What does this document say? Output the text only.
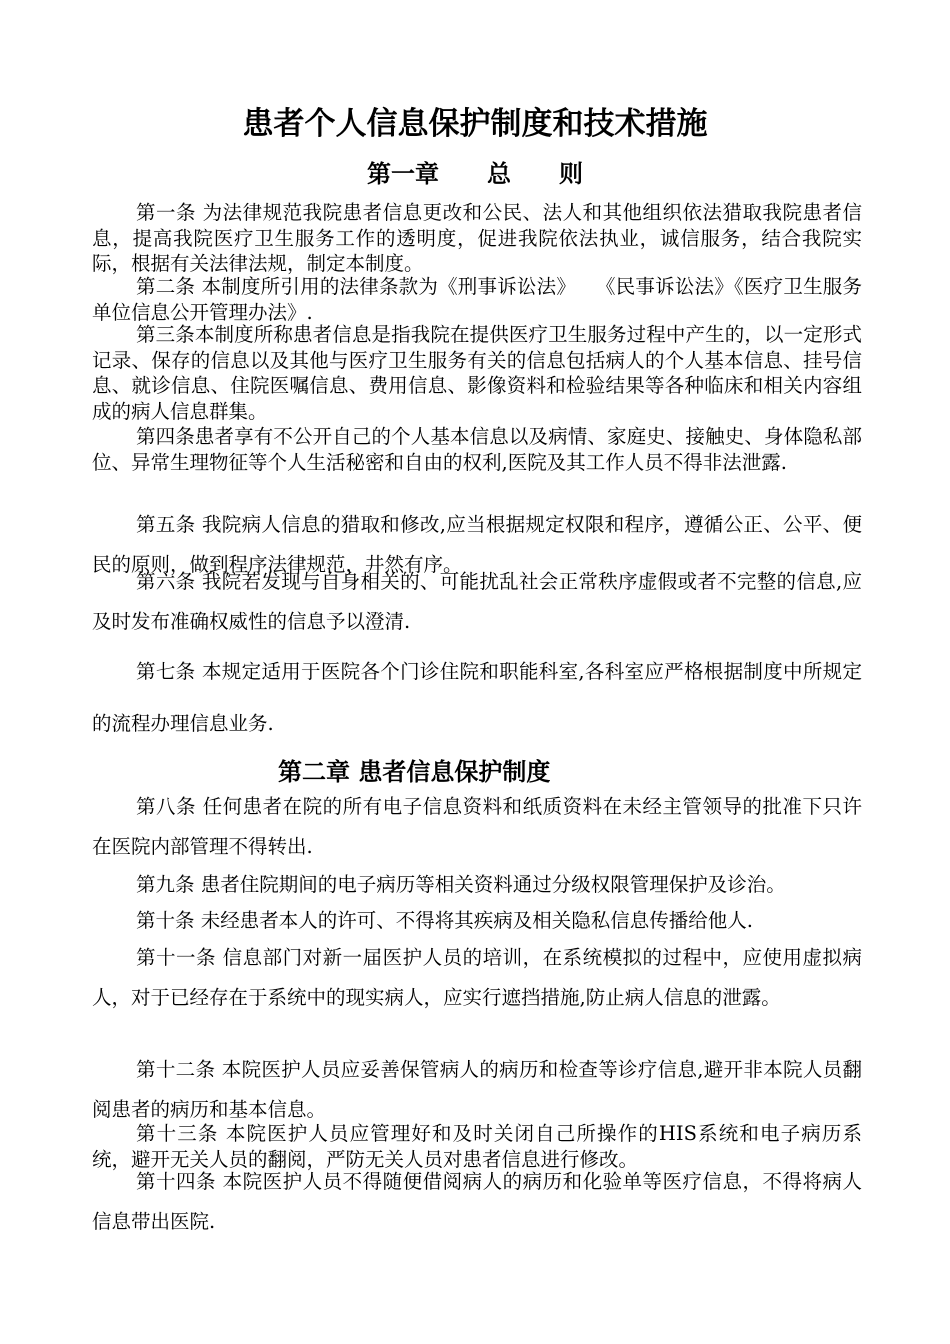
患者个人信息保护制度和技术措施
第一章　　总　　则

第一条 为法律规范我院患者信息更改和公民、法人和其他组织依法猎取我院患者信息，提高我院医疗卫生服务工作的透明度，促进我院依法执业，诚信服务，结合我院实际，根据有关法律法规，制定本制度。

第二条 本制度所引用的法律条款为《刑事诉讼法》　　《民事诉讼法》《医疗卫生服务单位信息公开管理办法》.

第三条本制度所称患者信息是指我院在提供医疗卫生服务过程中产生的，以一定形式记录、保存的信息以及其他与医疗卫生服务有关的信息包括病人的个人基本信息、挂号信息、就诊信息、住院医嘱信息、费用信息、影像资料和检验结果等各种临床和相关内容组成的病人信息群集。

第四条患者享有不公开自己的个人基本信息以及病情、家庭史、接触史、身体隐私部位、异常生理物征等个人生活秘密和自由的权利,医院及其工作人员不得非法泄露.

第五条 我院病人信息的猎取和修改,应当根据规定权限和程序，遵循公正、公平、便民的原则，做到程序法律规范，井然有序。

第六条 我院若发现与自身相关的、可能扰乱社会正常秩序虚假或者不完整的信息,应及时发布准确权威性的信息予以澄清.

第七条 本规定适用于医院各个门诊住院和职能科室,各科室应严格根据制度中所规定的流程办理信息业务.

第二章 患者信息保护制度

第八条 任何患者在院的所有电子信息资料和纸质资料在未经主管领导的批准下只许在医院内部管理不得转出.

第九条 患者住院期间的电子病历等相关资料通过分级权限管理保护及诊治。

第十条 未经患者本人的许可、不得将其疾病及相关隐私信息传播给他人.

第十一条 信息部门对新一届医护人员的培训，在系统模拟的过程中，应使用虚拟病人，对于已经存在于系统中的现实病人，应实行遮挡措施,防止病人信息的泄露。

第十二条 本院医护人员应妥善保管病人的病历和检查等诊疗信息,避开非本院人员翻阅患者的病历和基本信息。

第十三条 本院医护人员应管理好和及时关闭自己所操作的HIS系统和电子病历系统，避开无关人员的翻阅，严防无关人员对患者信息进行修改。

第十四条 本院医护人员不得随便借阅病人的病历和化验单等医疗信息，不得将病人信息带出医院.
